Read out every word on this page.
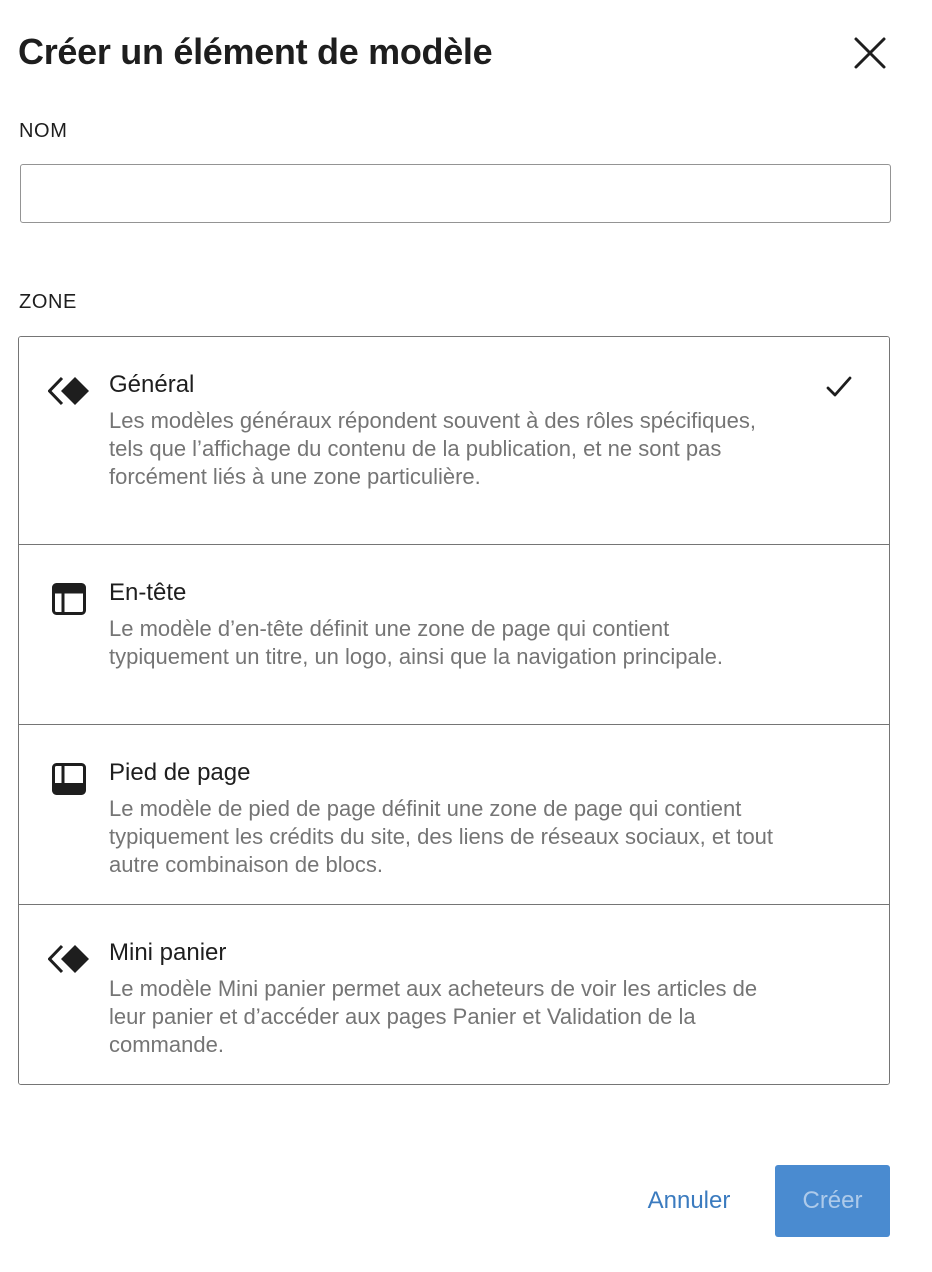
Créer un élément de modèle
NOM
ZONE
Général

Les modèles généraux répondent souvent à des rôles spécifiques, tels que l’affichage du contenu de la publication, et ne sont pas forcément liés à une zone particulière.

En-tête

Le modèle d’en-tête définit une zone de page qui contient typiquement un titre, un logo, ainsi que la navigation principale.

Pied de page

Le modèle de pied de page définit une zone de page qui contient typiquement les crédits du site, des liens de réseaux sociaux, et tout autre combinaison de blocs.

Mini panier

Le modèle Mini panier permet aux acheteurs de voir les articles de leur panier et d’accéder aux pages Panier et Validation de la commande.

Annuler	Créer
